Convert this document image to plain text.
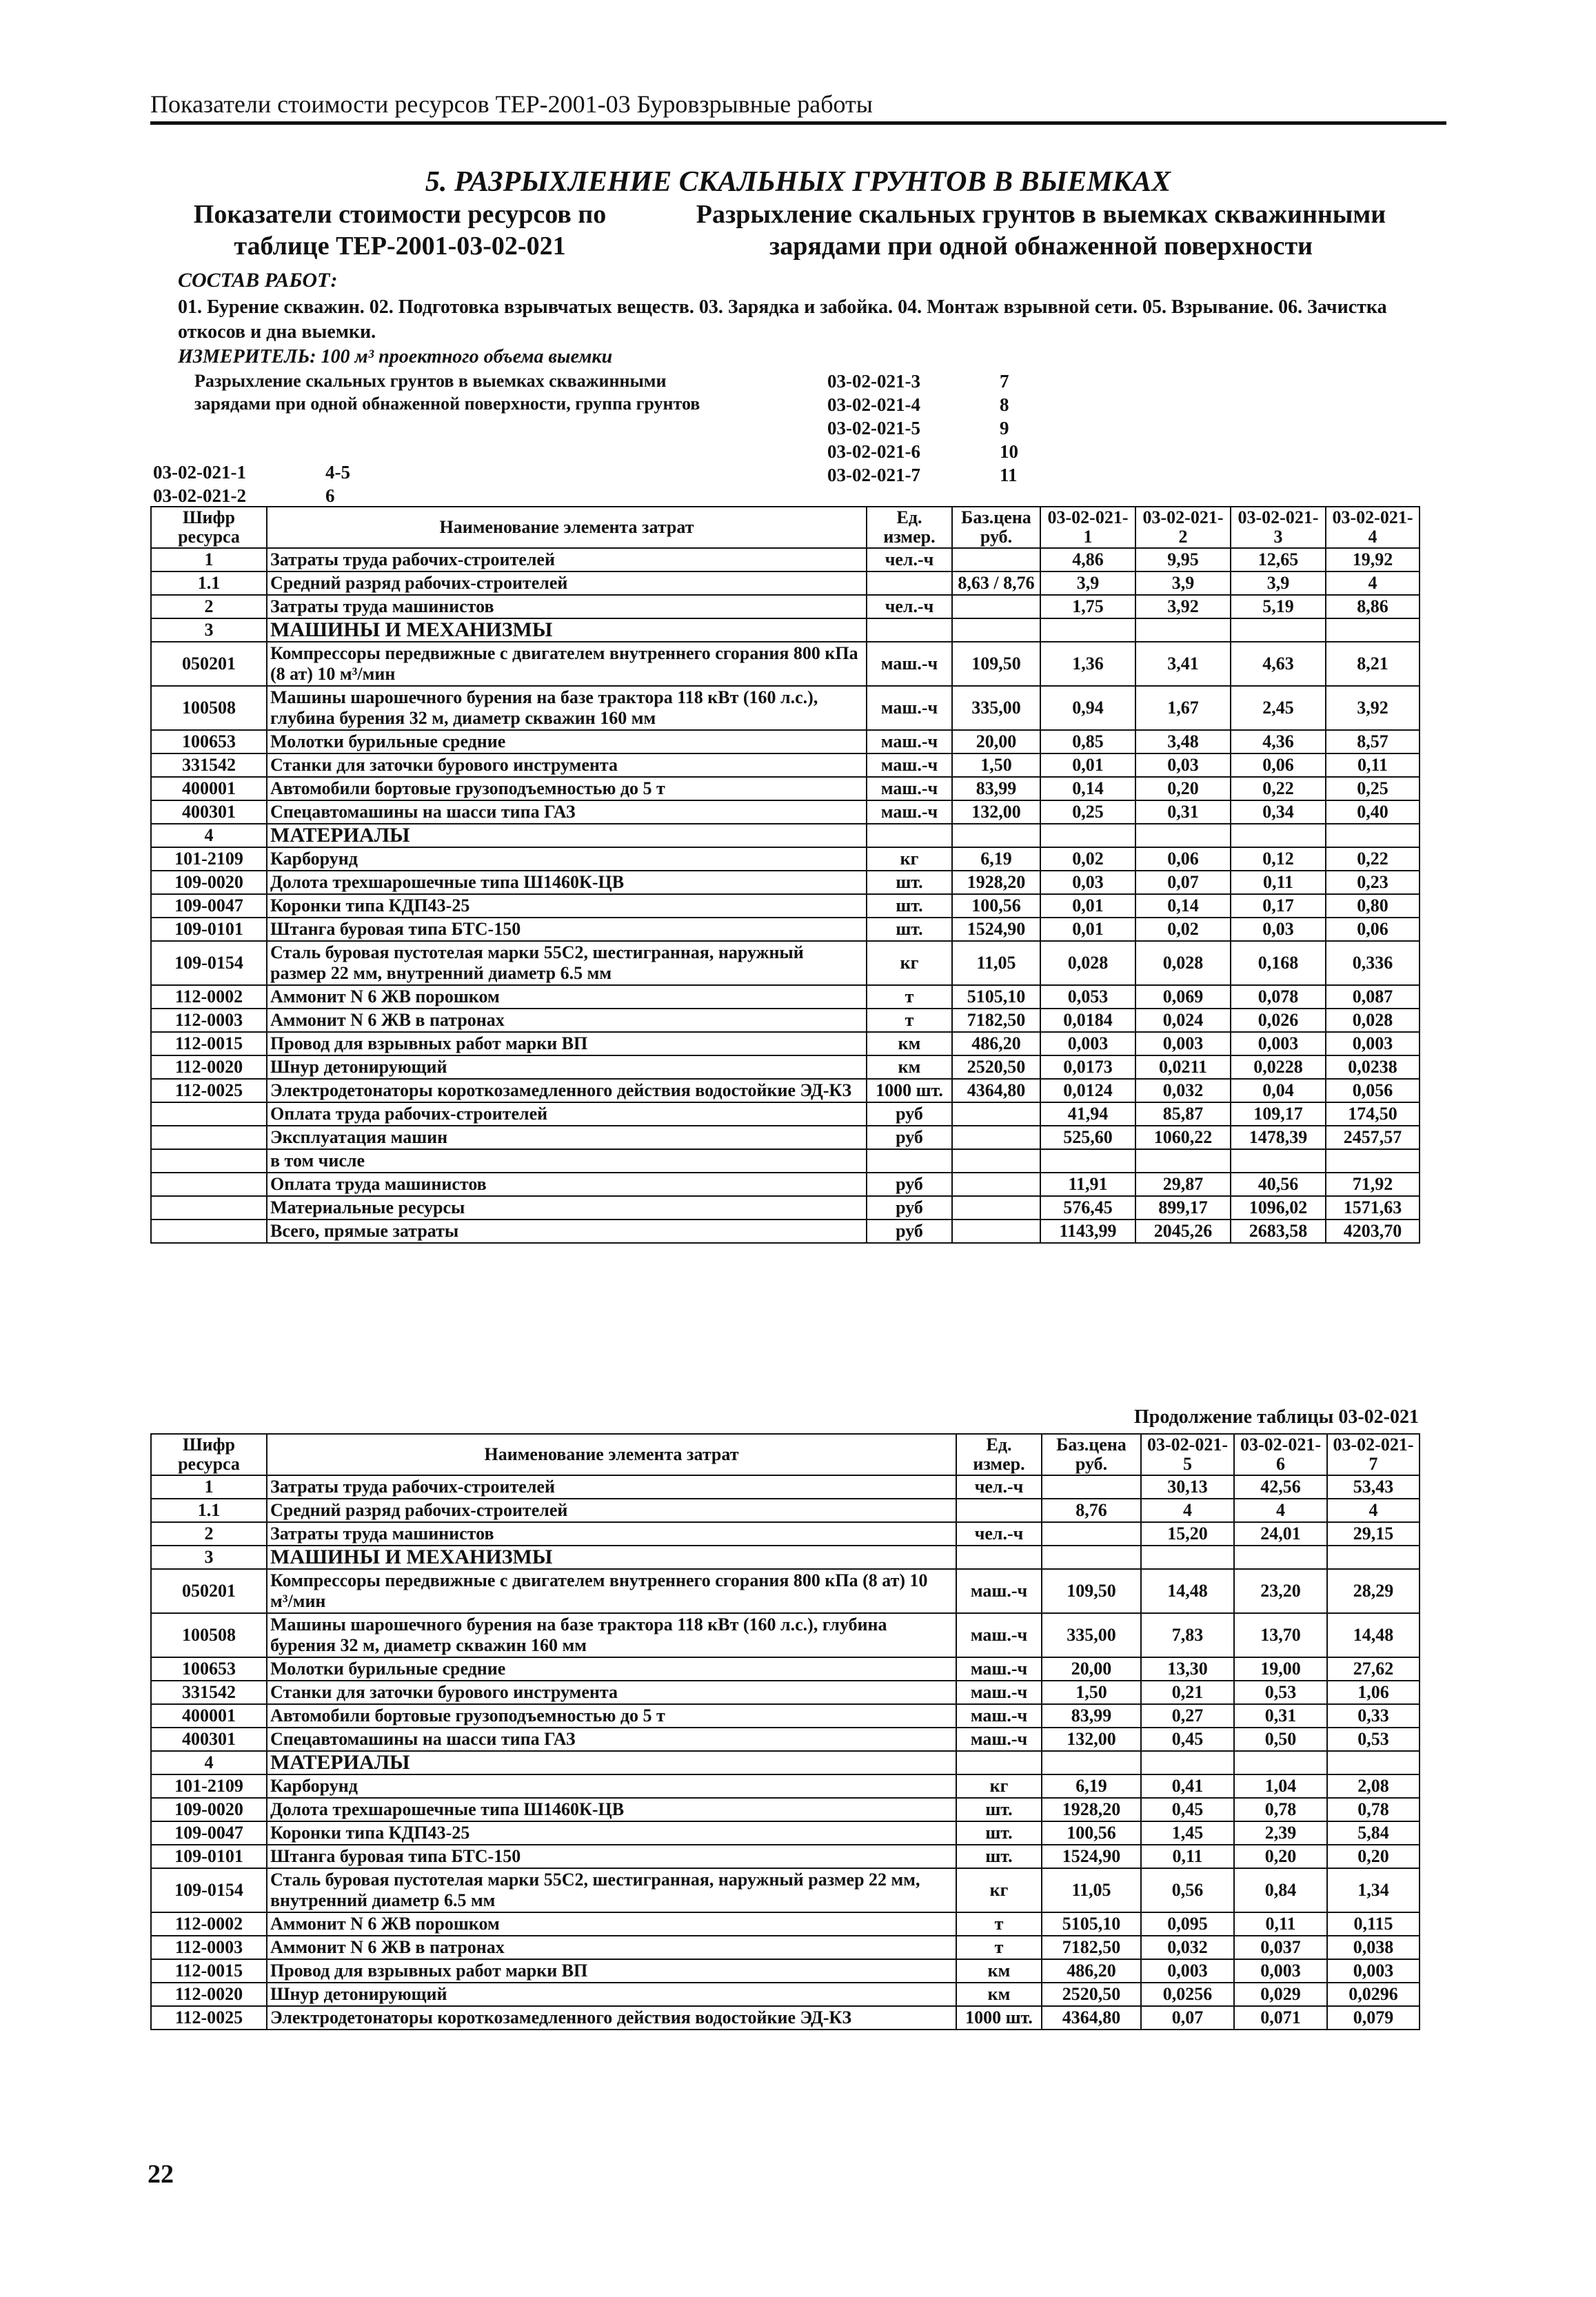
Показатели стоимости ресурсов ТЕР-2001-03 Буровзрывные работы
5. РАЗРЫХЛЕНИЕ СКАЛЬНЫХ ГРУНТОВ В ВЫЕМКАХ
Показатели стоимости ресурсов по таблице ТЕР-2001-03-02-021
Разрыхление скальных грунтов в выемках скважинными зарядами при одной обнаженной поверхности
СОСТАВ РАБОТ:
01. Бурение скважин. 02. Подготовка взрывчатых веществ. 03. Зарядка и забойка. 04. Монтаж взрывной сети. 05. Взрывание. 06. Зачистка откосов и дна выемки.
ИЗМЕРИТЕЛЬ: 100 м³ проектного объема выемки
Разрыхление скальных грунтов в выемках скважинными зарядами при одной обнаженной поверхности, группа грунтов
03-02-021-1	4-5
03-02-021-2	6
03-02-021-3	7
03-02-021-4	8
03-02-021-5	9
03-02-021-6	10
03-02-021-7	11
Шифр ресурса	Наименование элемента затрат	Ед. измер.	Баз.цена руб.	03-02-021-1	03-02-021-2	03-02-021-3	03-02-021-4
1	Затраты труда рабочих-строителей	чел.-ч		4,86	9,95	12,65	19,92
1.1	Средний разряд рабочих-строителей		8,63 / 8,76	3,9	3,9	3,9	4
2	Затраты труда машинистов	чел.-ч		1,75	3,92	5,19	8,86
3	МАШИНЫ И МЕХАНИЗМЫ						
050201	Компрессоры передвижные с двигателем внутреннего сгорания 800 кПа (8 ат) 10 м³/мин	маш.-ч	109,50	1,36	3,41	4,63	8,21
100508	Машины шарошечного бурения на базе трактора 118 кВт (160 л.с.), глубина бурения 32 м, диаметр скважин 160 мм	маш.-ч	335,00	0,94	1,67	2,45	3,92
100653	Молотки бурильные средние	маш.-ч	20,00	0,85	3,48	4,36	8,57
331542	Станки для заточки бурового инструмента	маш.-ч	1,50	0,01	0,03	0,06	0,11
400001	Автомобили бортовые грузоподъемностью до 5 т	маш.-ч	83,99	0,14	0,20	0,22	0,25
400301	Спецавтомашины на шасси типа ГАЗ	маш.-ч	132,00	0,25	0,31	0,34	0,40
4	МАТЕРИАЛЫ						
101-2109	Карборунд	кг	6,19	0,02	0,06	0,12	0,22
109-0020	Долота трехшарошечные типа Ш1460К-ЦВ	шт.	1928,20	0,03	0,07	0,11	0,23
109-0047	Коронки типа КДП43-25	шт.	100,56	0,01	0,14	0,17	0,80
109-0101	Штанга буровая типа БТС-150	шт.	1524,90	0,01	0,02	0,03	0,06
109-0154	Сталь буровая пустотелая марки 55С2, шестигранная, наружный размер 22 мм, внутренний диаметр 6.5 мм	кг	11,05	0,028	0,028	0,168	0,336
112-0002	Аммонит N 6 ЖВ порошком	т	5105,10	0,053	0,069	0,078	0,087
112-0003	Аммонит N 6 ЖВ в патронах	т	7182,50	0,0184	0,024	0,026	0,028
112-0015	Провод для взрывных работ марки ВП	км	486,20	0,003	0,003	0,003	0,003
112-0020	Шнур детонирующий	км	2520,50	0,0173	0,0211	0,0228	0,0238
112-0025	Электродетонаторы короткозамедленного действия водостойкие ЭД-КЗ	1000 шт.	4364,80	0,0124	0,032	0,04	0,056
	Оплата труда рабочих-строителей	руб		41,94	85,87	109,17	174,50
	Эксплуатация машин	руб		525,60	1060,22	1478,39	2457,57
	в том числе						
	Оплата труда машинистов	руб		11,91	29,87	40,56	71,92
	Материальные ресурсы	руб		576,45	899,17	1096,02	1571,63
	Всего, прямые затраты	руб		1143,99	2045,26	2683,58	4203,70
Продолжение таблицы 03-02-021
Шифр ресурса	Наименование элемента затрат	Ед. измер.	Баз.цена руб.	03-02-021-5	03-02-021-6	03-02-021-7
1	Затраты труда рабочих-строителей	чел.-ч		30,13	42,56	53,43
1.1	Средний разряд рабочих-строителей		8,76	4	4	4
2	Затраты труда машинистов	чел.-ч		15,20	24,01	29,15
3	МАШИНЫ И МЕХАНИЗМЫ					
050201	Компрессоры передвижные с двигателем внутреннего сгорания 800 кПа (8 ат) 10 м³/мин	маш.-ч	109,50	14,48	23,20	28,29
100508	Машины шарошечного бурения на базе трактора 118 кВт (160 л.с.), глубина бурения 32 м, диаметр скважин 160 мм	маш.-ч	335,00	7,83	13,70	14,48
100653	Молотки бурильные средние	маш.-ч	20,00	13,30	19,00	27,62
331542	Станки для заточки бурового инструмента	маш.-ч	1,50	0,21	0,53	1,06
400001	Автомобили бортовые грузоподъемностью до 5 т	маш.-ч	83,99	0,27	0,31	0,33
400301	Спецавтомашины на шасси типа ГАЗ	маш.-ч	132,00	0,45	0,50	0,53
4	МАТЕРИАЛЫ					
101-2109	Карборунд	кг	6,19	0,41	1,04	2,08
109-0020	Долота трехшарошечные типа Ш1460К-ЦВ	шт.	1928,20	0,45	0,78	0,78
109-0047	Коронки типа КДП43-25	шт.	100,56	1,45	2,39	5,84
109-0101	Штанга буровая типа БТС-150	шт.	1524,90	0,11	0,20	0,20
109-0154	Сталь буровая пустотелая марки 55С2, шестигранная, наружный размер 22 мм, внутренний диаметр 6.5 мм	кг	11,05	0,56	0,84	1,34
112-0002	Аммонит N 6 ЖВ порошком	т	5105,10	0,095	0,11	0,115
112-0003	Аммонит N 6 ЖВ в патронах	т	7182,50	0,032	0,037	0,038
112-0015	Провод для взрывных работ марки ВП	км	486,20	0,003	0,003	0,003
112-0020	Шнур детонирующий	км	2520,50	0,0256	0,029	0,0296
112-0025	Электродетонаторы короткозамедленного действия водостойкие ЭД-КЗ	1000 шт.	4364,80	0,07	0,071	0,079
22
